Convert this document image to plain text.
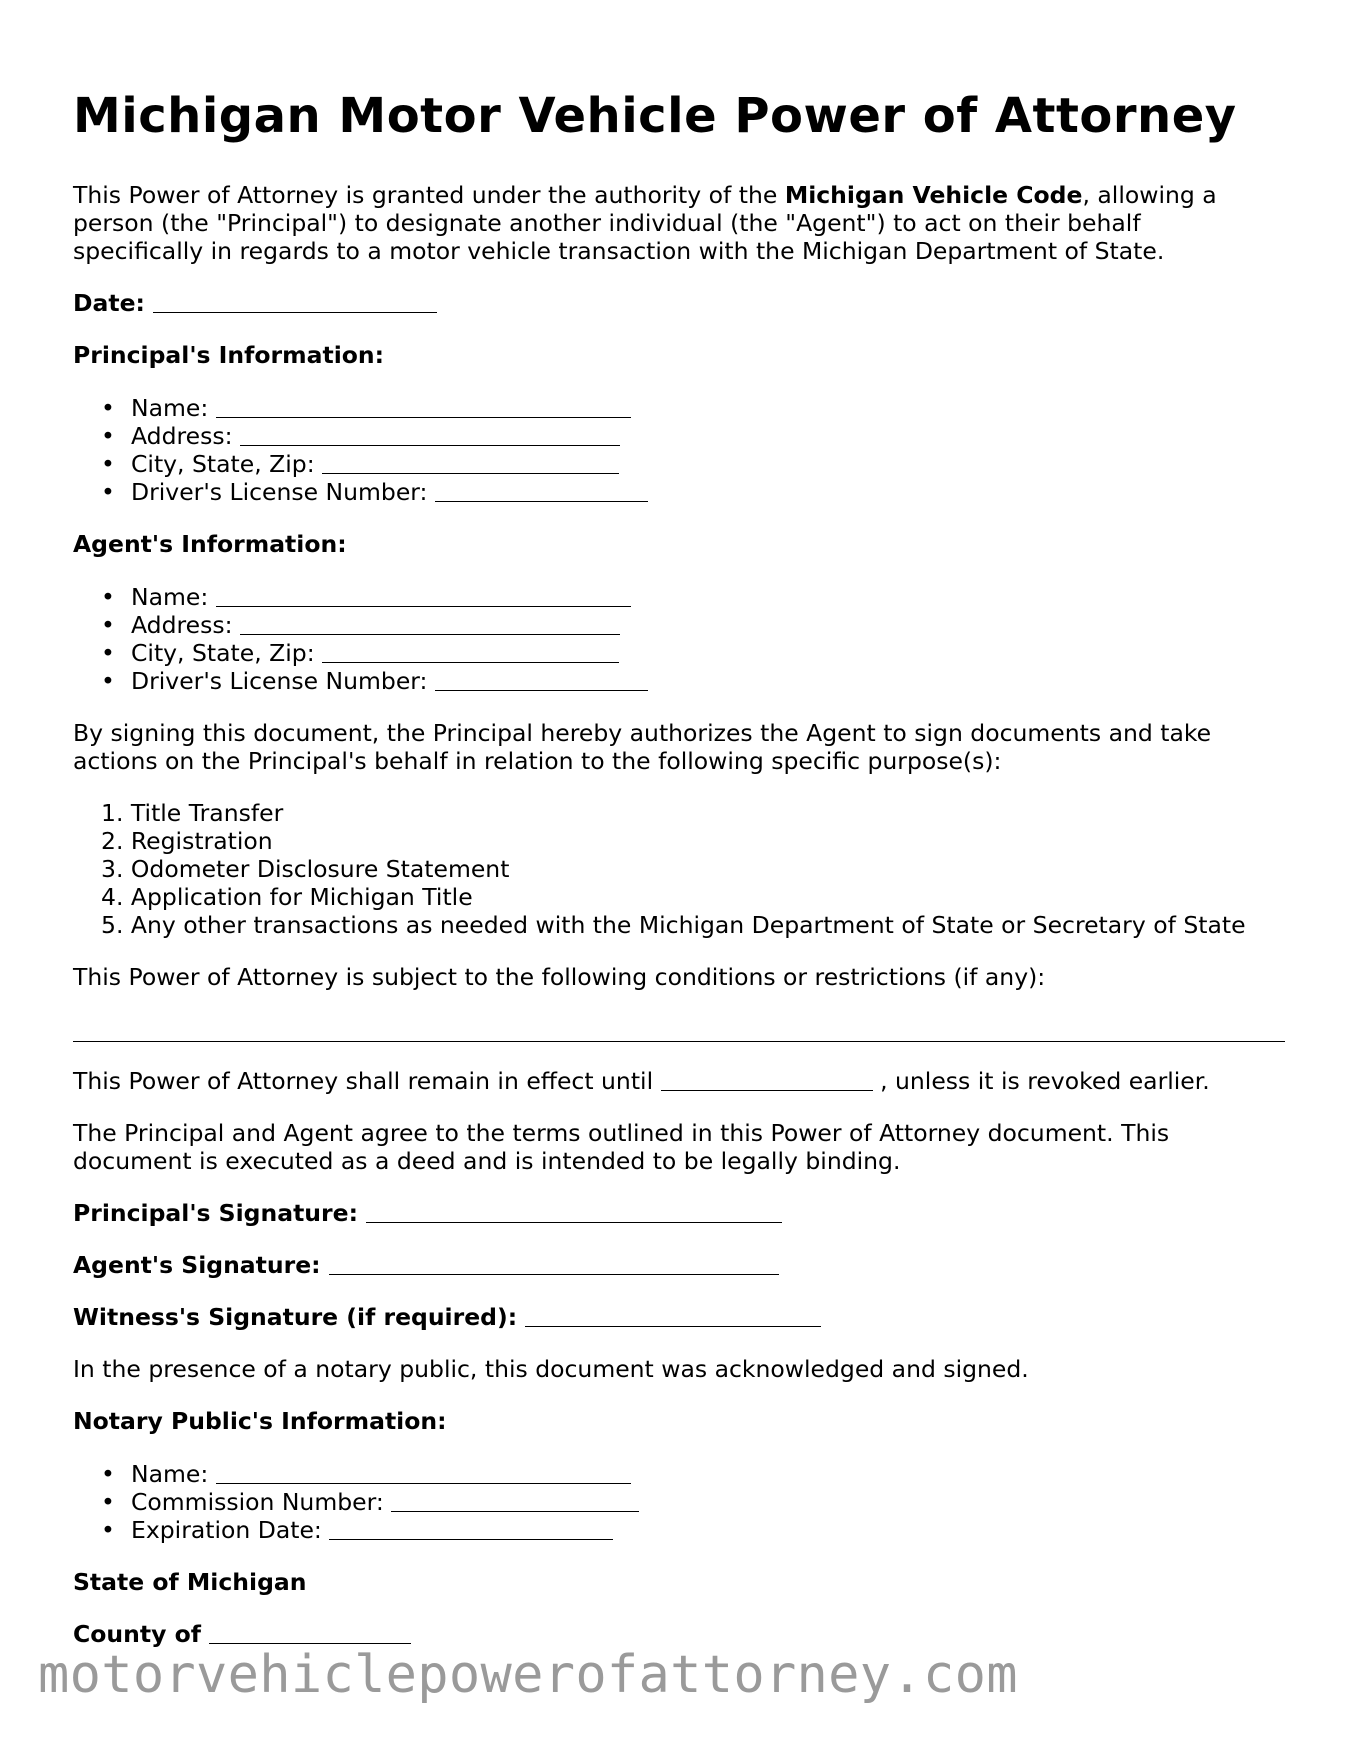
Michigan Motor Vehicle Power of Attorney

This Power of Attorney is granted under the authority of the Michigan Vehicle Code, allowing a

person (the "Principal") to designate another individual (the "Agent") to act on their behalf

specifically in regards to a motor vehicle transaction with the Michigan Department of State.

Date:

Principal's Information:

• Name:
• Address:
• City, State, Zip:
• Driver's License Number:

Agent's Information:

• Name:
• Address:
• City, State, Zip:
• Driver's License Number:

By signing this document, the Principal hereby authorizes the Agent to sign documents and take

actions on the Principal's behalf in relation to the following specific purpose(s):

1. Title Transfer
2. Registration
3. Odometer Disclosure Statement
4. Application for Michigan Title
5. Any other transactions as needed with the Michigan Department of State or Secretary of State

This Power of Attorney is subject to the following conditions or restrictions (if any):

This Power of Attorney shall remain in effect until	, unless it is revoked earlier.

The Principal and Agent agree to the terms outlined in this Power of Attorney document. This

document is executed as a deed and is intended to be legally binding.

Principal's Signature:

Agent's Signature:

Witness's Signature (if required):

In the presence of a notary public, this document was acknowledged and signed.

Notary Public's Information:

• Name:
• Commission Number:
• Expiration Date:

State of Michigan

County of

motorvehiclepowerofattorney.com
